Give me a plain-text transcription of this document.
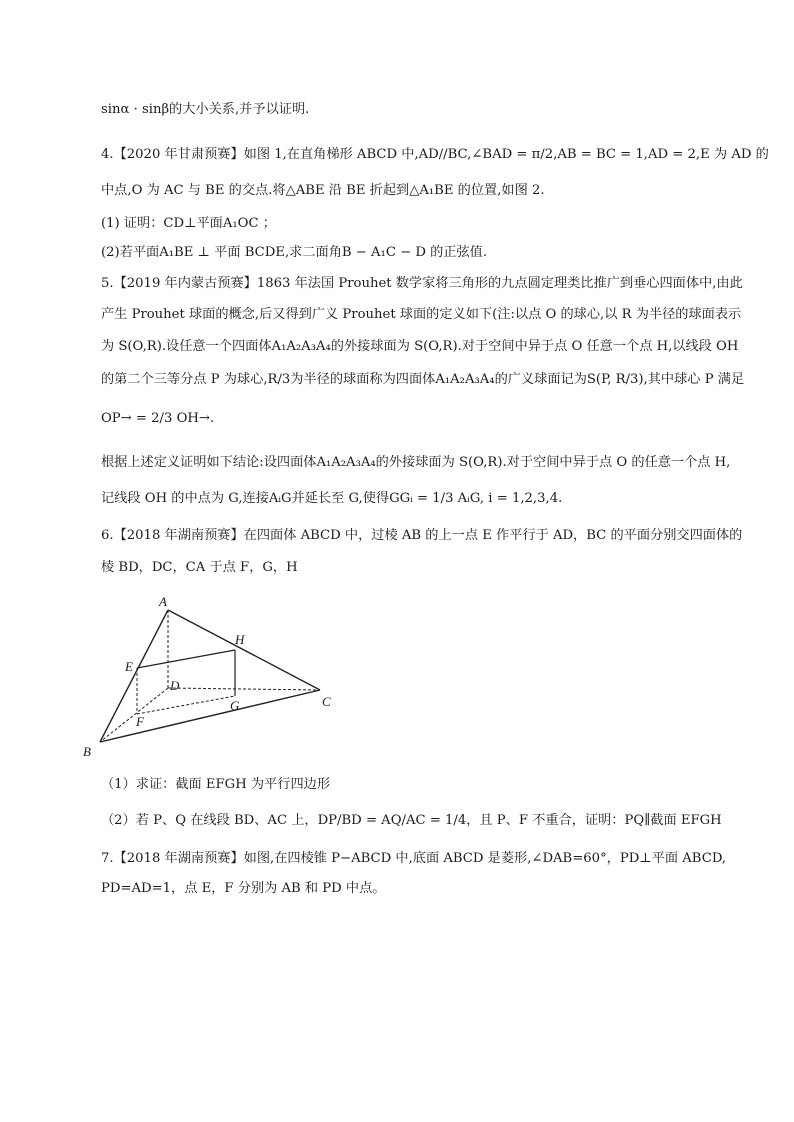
sinα · sinβ的大小关系,并予以证明.
4.【2020 年甘肃预赛】如图 1,在直角梯形 ABCD 中,AD//BC,∠BAD = π/2,AB = BC = 1,AD = 2,E 为 AD 的
中点,O 为 AC 与 BE 的交点.将△ABE 沿 BE 折起到△A₁BE 的位置,如图 2.
(1) 证明：CD⊥平面A₁OC ；
(2)若平面A₁BE ⊥ 平面 BCDE,求二面角B − A₁C − D 的正弦值.
5.【2019 年内蒙古预赛】1863 年法国 Prouhet 数学家将三角形的九点圆定理类比推广到垂心四面体中,由此
产生 Prouhet 球面的概念,后又得到广义 Prouhet 球面的定义如下(注:以点 O 的球心,以 R 为半径的球面表示
为 S(O,R).设任意一个四面体A₁A₂A₃A₄的外接球面为 S(O,R).对于空间中异于点 O 任意一个点 H,以线段 OH
的第二个三等分点 P 为球心,R/3为半径的球面称为四面体A₁A₂A₃A₄的广义球面记为S(P, R/3),其中球心 P 满足
OP→ = 2/3 OH→.
根据上述定义证明如下结论:设四面体A₁A₂A₃A₄的外接球面为 S(O,R).对于空间中异于点 O 的任意一个点 H,
记线段 OH 的中点为 G,连接AᵢG并延长至 G,使得GGᵢ = 1/3 AᵢG, i = 1,2,3,4.
6.【2018 年湖南预赛】在四面体 ABCD 中，过棱 AB 的上一点 E 作平行于 AD，BC 的平面分别交四面体的
棱 BD，DC，CA 于点 F，G，H
A
H
E
D
G	C
F
B
（1）求证：截面 EFGH 为平行四边形
（2）若 P、Q 在线段 BD、AC 上，DP/BD = AQ/AC = 1/4，且 P、F 不重合，证明：PQ∥截面 EFGH
7.【2018 年湖南预赛】如图,在四棱锥 P−ABCD 中,底面 ABCD 是菱形,∠DAB=60°，PD⊥平面 ABCD,
PD=AD=1，点 E，F 分别为 AB 和 PD 中点。
